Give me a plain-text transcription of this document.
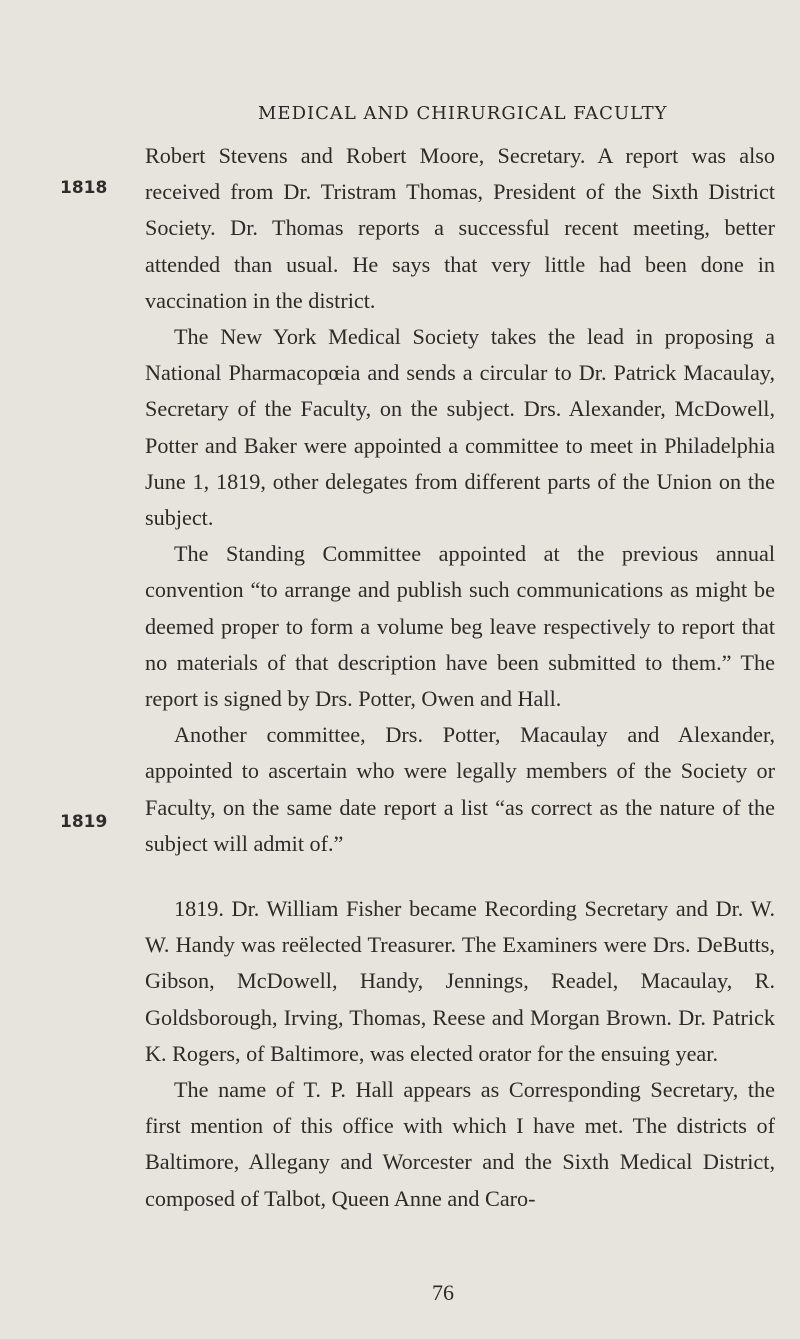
MEDICAL AND CHIRURGICAL FACULTY
1818
1819

Robert Stevens and Robert Moore, Secretary. A report was also received from Dr. Tristram Thomas, President of the Sixth District Society. Dr. Thomas reports a successful recent meeting, better attended than usual. He says that very little had been done in vaccination in the district.

The New York Medical Society takes the lead in proposing a National Pharmacopœia and sends a circular to Dr. Patrick Macaulay, Secretary of the Faculty, on the subject. Drs. Alexander, McDowell, Potter and Baker were appointed a committee to meet in Philadelphia June 1, 1819, other delegates from different parts of the Union on the subject.

The Standing Committee appointed at the previous annual convention “to arrange and publish such communications as might be deemed proper to form a volume beg leave respectively to report that no materials of that description have been submitted to them.” The report is signed by Drs. Potter, Owen and Hall.

Another committee, Drs. Potter, Macaulay and Alexander, appointed to ascertain who were legally members of the Society or Faculty, on the same date report a list “as correct as the nature of the subject will admit of.”

1819. Dr. William Fisher became Recording Secretary and Dr. W. W. Handy was reëlected Treasurer. The Examiners were Drs. DeButts, Gibson, McDowell, Handy, Jennings, Readel, Macaulay, R. Goldsborough, Irving, Thomas, Reese and Morgan Brown. Dr. Patrick K. Rogers, of Baltimore, was elected orator for the ensuing year.

The name of T. P. Hall appears as Corresponding Secretary, the first mention of this office with which I have met. The districts of Baltimore, Allegany and Worcester and the Sixth Medical District, composed of Talbot, Queen Anne and Caro-

76
